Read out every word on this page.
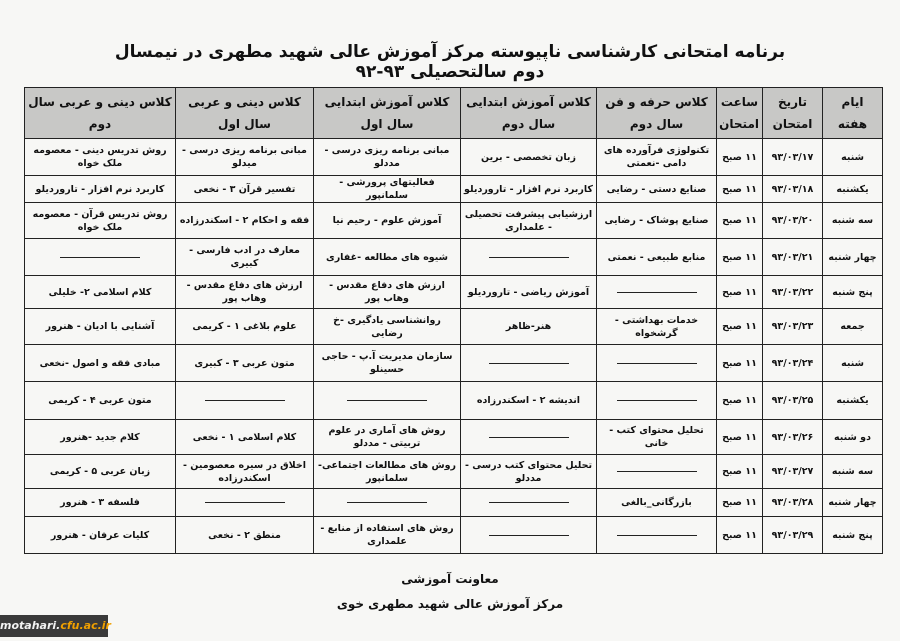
برنامه امتحانی کارشناسی ناپیوسته مرکز آموزش عالی شهید مطهری در نیمسال دوم سالتحصیلی ۹۳-۹۲
ایام هفته	تاریخ امتحان	ساعت امتحان	کلاس حرفه و فن سال دوم	کلاس آموزش ابتدایی سال دوم	کلاس آموزش ابتدایی سال اول	کلاس دینی و عربی سال اول	کلاس دینی و عربی سال دوم
شنبه	۹۳/۰۳/۱۷	۱۱ صبح	تکنولوژی فرآورده های دامی -نعمتی	زبان تخصصی - برین	مبانی برنامه ریزی درسی - مددلو	مبانی برنامه ریزی درسی - میدلو	روش تدریس دینی - معصومه ملک خواه
یکشنبه	۹۳/۰۳/۱۸	۱۱ صبح	صنایع دستی - رضایی	کاربرد نرم افزار - تارورديلو	فعالیتهای پرورشی - سلمانپور	تفسیر قرآن ۳ - نخعی	کاربرد نرم افزار - تارورديلو
سه شنبه	۹۳/۰۳/۲۰	۱۱ صبح	صنایع پوشاک - رضایی	ارزشیابی پیشرفت تحصیلی - علمداری	آموزش علوم - رحیم نیا	فقه و احکام ۲ - اسکندرزاده	روش تدریس قرآن - معصومه ملک خواه
چهار شنبه	۹۳/۰۳/۲۱	۱۱ صبح	منابع طبیعی - نعمتی		شیوه های مطالعه -غفاری	معارف در ادب فارسی - کبیری	
پنج شنبه	۹۳/۰۳/۲۲	۱۱ صبح		آموزش ریاضی - تارورديلو	ارزش های دفاع مقدس - وهاب پور	ارزش های دفاع مقدس - وهاب پور	کلام اسلامی ۲- خلیلی
جمعه	۹۳/۰۳/۲۳	۱۱ صبح	خدمات بهداشتی - گرشخواه	هنر-ظاهر	روانشناسی یادگیری -خ رضایی	علوم بلاغی ۱ - کریمی	آشنایی با ادیان - هنرور
شنبه	۹۳/۰۳/۲۴	۱۱ صبح			سازمان مدیریت آ.پ - حاجی حسینلو	متون عربی ۳ - کبیری	مبادی فقه و اصول -نخعی
یکشنبه	۹۳/۰۳/۲۵	۱۱ صبح		اندیشه ۲ - اسکندرزاده			متون عربی ۴ - کریمی
دو شنبه	۹۳/۰۳/۲۶	۱۱ صبح	تحلیل محتوای کتب - خانی		روش های آماری در علوم تربیتی - مددلو	کلام اسلامی ۱ - نخعی	کلام جدید -هنرور
سه شنبه	۹۳/۰۳/۲۷	۱۱ صبح		تحلیل محتوای کتب درسی - مددلو	روش های مطالعات اجتماعی- سلمانپور	اخلاق در سیره معصومین - اسکندرزاده	زبان عربی ۵ - کریمی
چهار شنبه	۹۳/۰۳/۲۸	۱۱ صبح	بازرگانی_بالغی				فلسفه ۳ - هنرور
پنج شنبه	۹۳/۰۳/۲۹	۱۱ صبح			روش های استفاده از منابع - علمداری	منطق ۲ - نخعی	کلیات عرفان - هنرور
معاونت آموزشی
مرکز آموزش عالی شهید مطهری خوی
motahari.cfu.ac.ir
